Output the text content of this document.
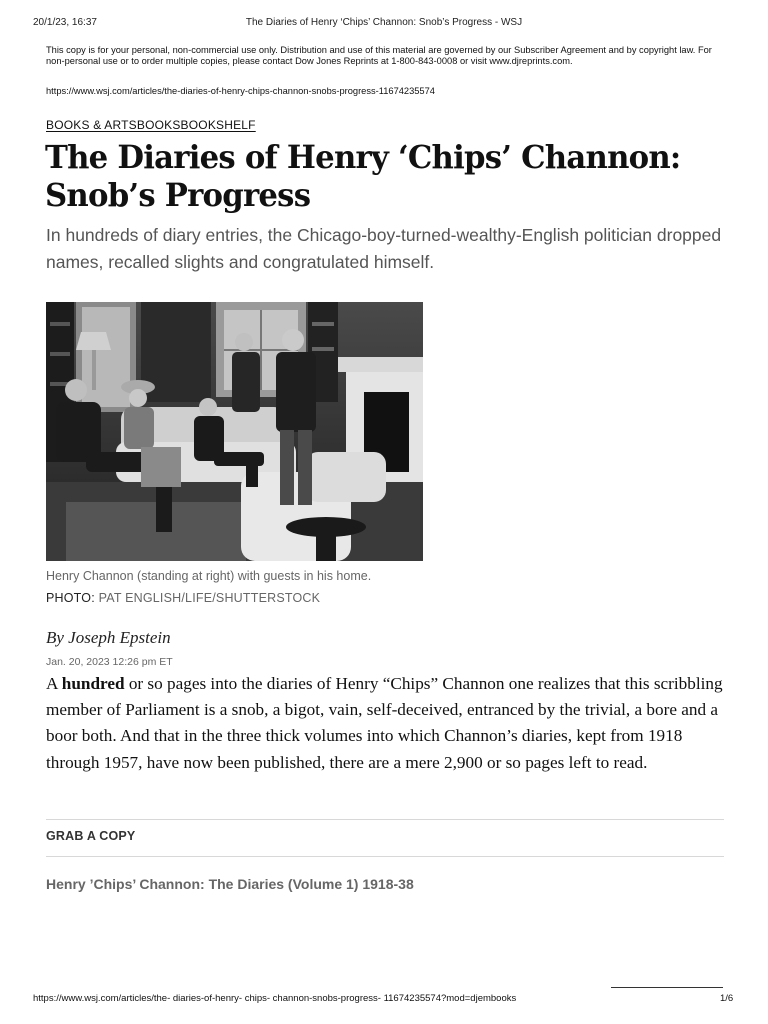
20/1/23, 16:37	The Diaries of Henry ‘Chips’ Channon: Snob’s Progress - WSJ
This copy is for your personal, non-commercial use only. Distribution and use of this material are governed by our Subscriber Agreement and by copyright law. For non-personal use or to order multiple copies, please contact Dow Jones Reprints at 1-800-843-0008 or visit www.djreprints.com.
https://www.wsj.com/articles/the-diaries-of-henry-chips-channon-snobs-progress-11674235574
BOOKS & ARTSBOOKSBOOKSHELF
The Diaries of Henry ‘Chips’ Channon: Snob’s Progress

In hundreds of diary entries, the Chicago-boy-turned-wealthy-English politician dropped names, recalled slights and congratulated himself.

Henry Channon (standing at right) with guests in his home.
PHOTO: PAT ENGLISH/LIFE/SHUTTERSTOCK
By Joseph Epstein
Jan. 20, 2023 12:26 pm ET

A hundred or so pages into the diaries of Henry “Chips” Channon one realizes that this scribbling member of Parliament is a snob, a bigot, vain, self-deceived, entranced by the trivial, a bore and a boor both. And that in the three thick volumes into which Channon’s diaries, kept from 1918 through 1957, have now been published, there are a mere 2,900 or so pages left to read.

GRAB A COPY
Henry ’Chips’ Channon: The Diaries (Volume 1) 1918-38
https://www.wsj.com/articles/the- diaries-of-henry- chips- channon-snobs-progress- 11674235574?mod=djembooks	1/6
